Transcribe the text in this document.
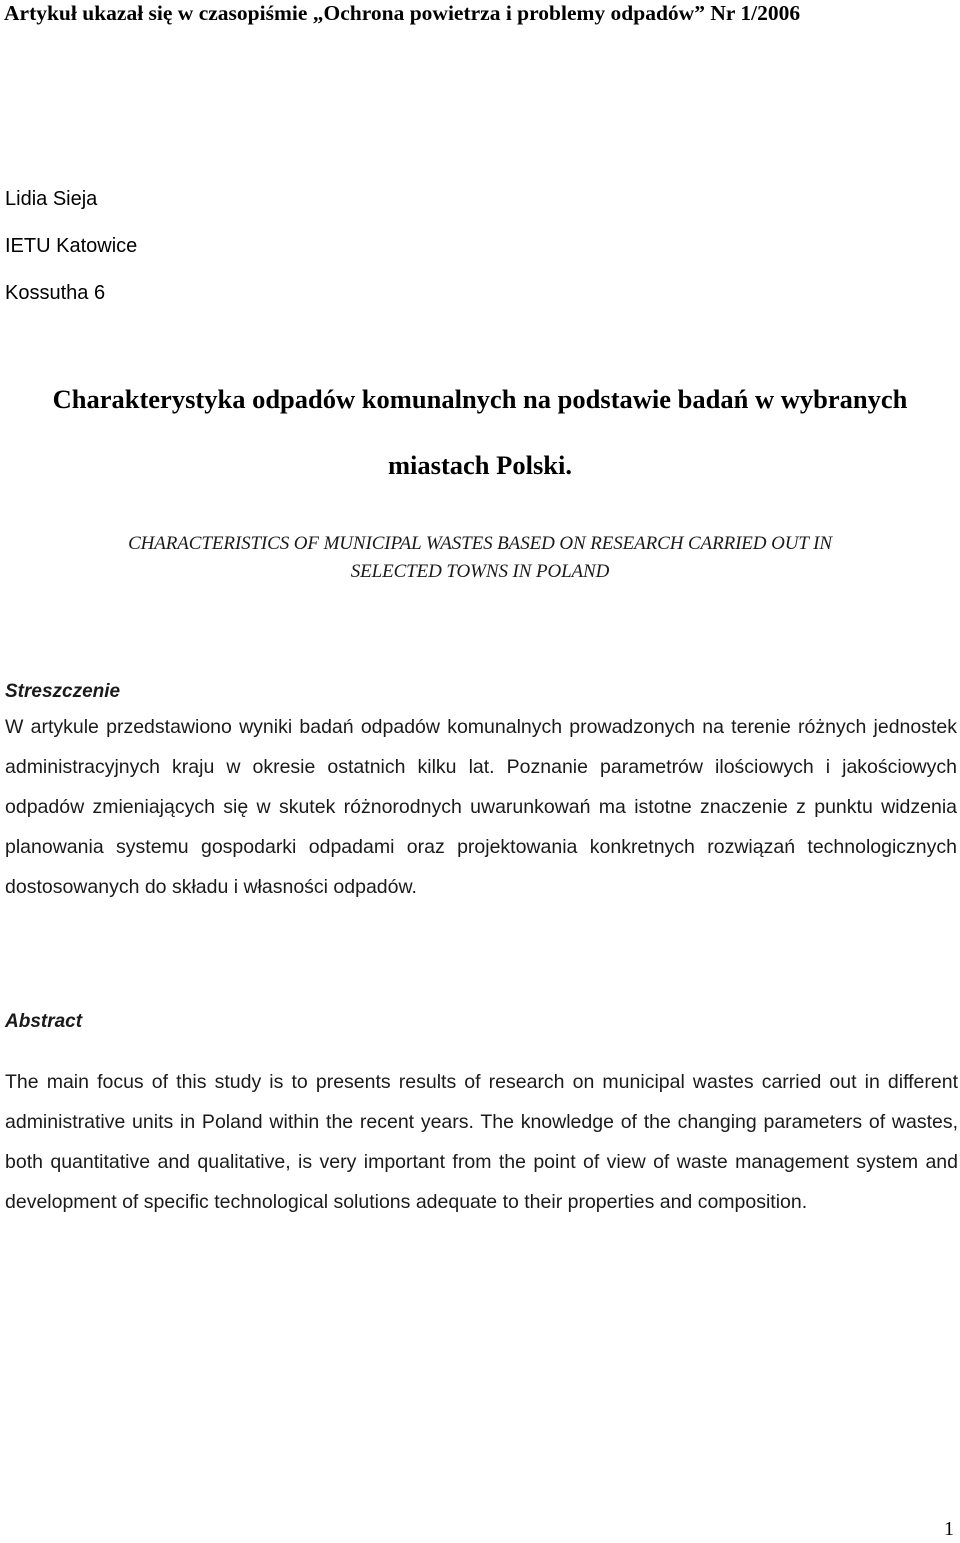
Artykuł ukazał się w czasopiśmie „Ochrona powietrza i problemy odpadów” Nr 1/2006
Lidia Sieja
IETU Katowice
Kossutha 6
Charakterystyka odpadów komunalnych na podstawie badań w wybranych
miastach Polski.
CHARACTERISTICS OF MUNICIPAL WASTES BASED ON RESEARCH CARRIED OUT IN
SELECTED TOWNS IN POLAND
Streszczenie
W artykule przedstawiono wyniki badań odpadów komunalnych prowadzonych na terenie różnych jednostek administracyjnych kraju w okresie ostatnich kilku lat. Poznanie parametrów ilościowych i jakościowych odpadów zmieniających się w skutek różnorodnych uwarunkowań ma istotne znaczenie z punktu widzenia planowania systemu gospodarki odpadami oraz projektowania konkretnych rozwiązań technologicznych dostosowanych do składu i własności odpadów.
Abstract
The main focus of this study is to presents results of research on municipal wastes carried out in different administrative units in Poland within the recent years. The knowledge of the changing parameters of wastes, both quantitative and qualitative, is very important from the point of view of waste management system and development of specific technological solutions adequate to their properties and composition.
1
